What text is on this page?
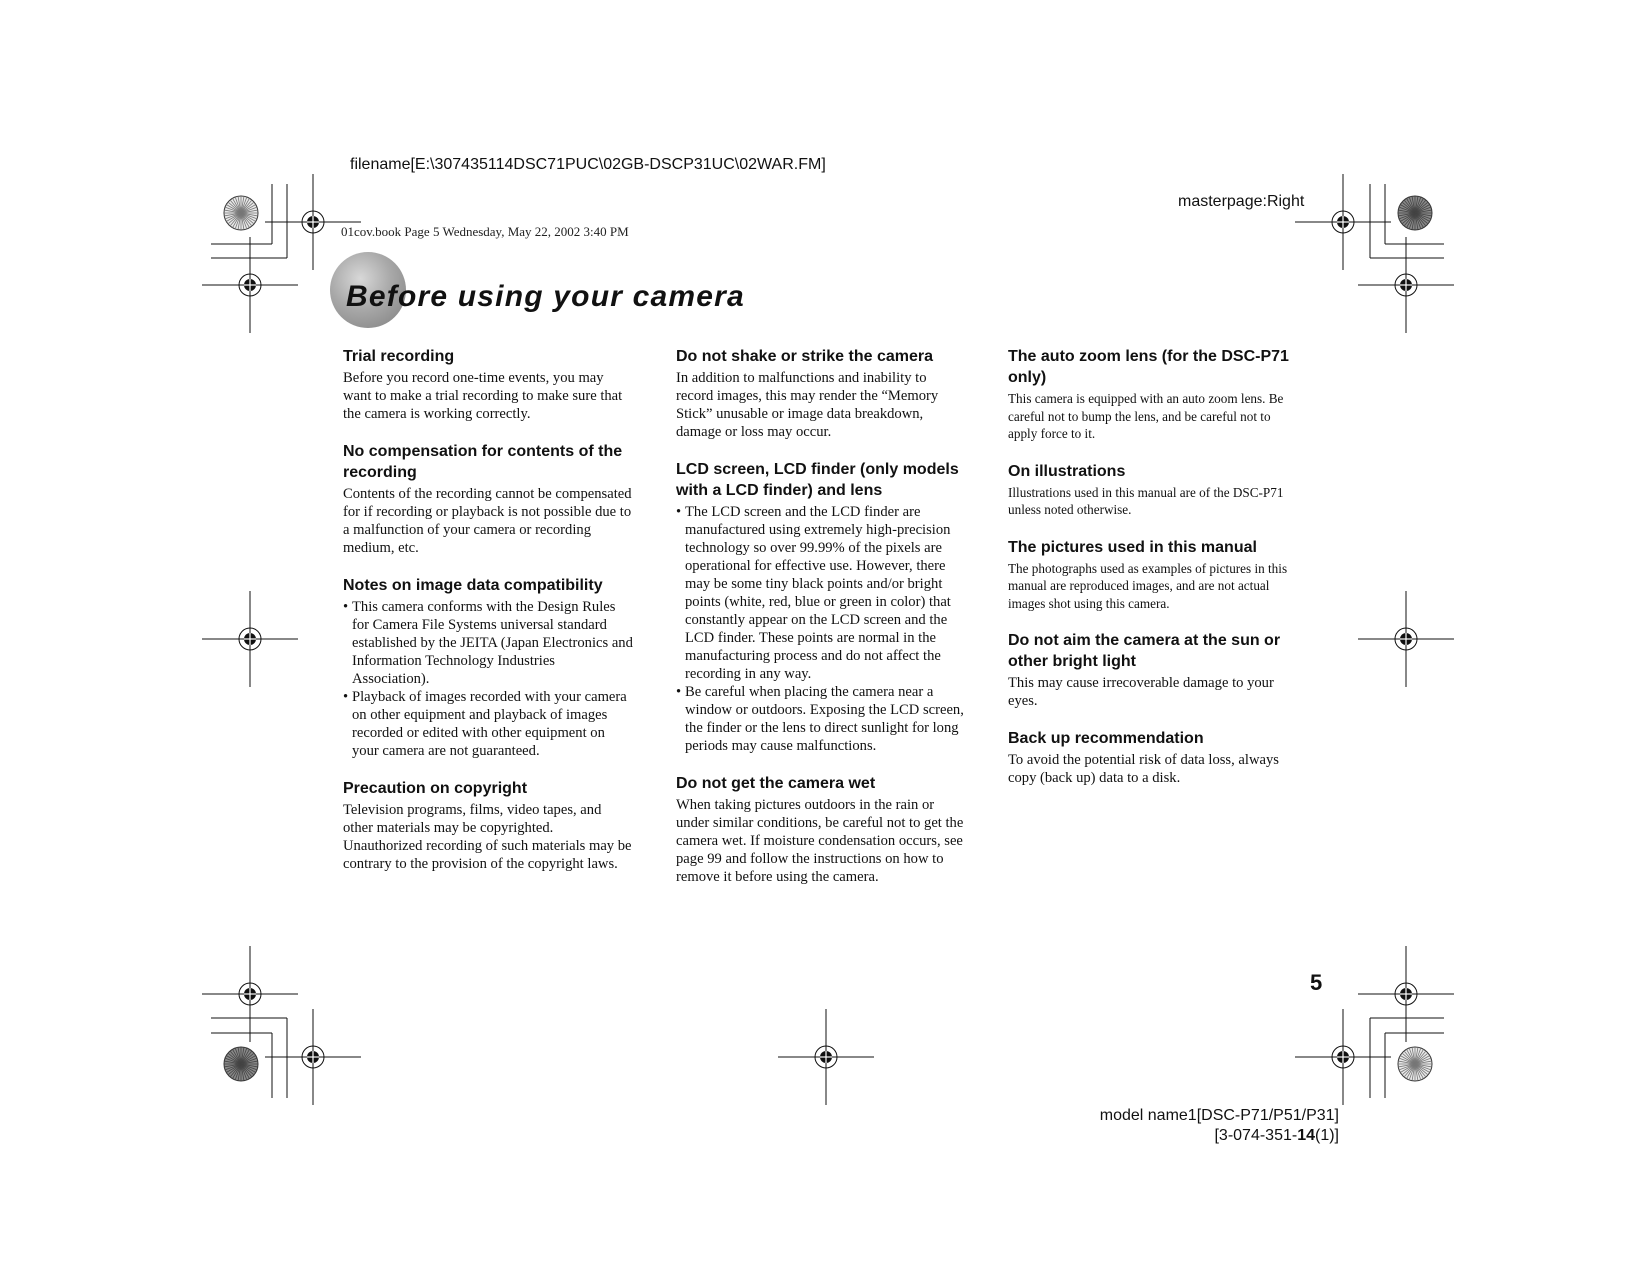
filename[E:\307435114DSC71PUC\02GB-DSCP31UC\02WAR.FM]
masterpage:Right
01cov.book Page 5 Wednesday, May 22, 2002 3:40 PM
Before using your camera
Trial recording

Before you record one-time events, you may want to make a trial recording to make sure that the camera is working correctly.

No compensation for contents of the recording

Contents of the recording cannot be compensated for if recording or playback is not possible due to a malfunction of your camera or recording medium, etc.

Notes on image data compatibility
• This camera conforms with the Design Rules for Camera File Systems universal standard established by the JEITA (Japan Electronics and Information Technology Industries Association).
• Playback of images recorded with your camera on other equipment and playback of images recorded or edited with other equipment on your camera are not guaranteed.
Precaution on copyright

Television programs, films, video tapes, and other materials may be copyrighted. Unauthorized recording of such materials may be contrary to the provision of the copyright laws.

Do not shake or strike the camera

In addition to malfunctions and inability to record images, this may render the “Memory Stick” unusable or image data breakdown, damage or loss may occur.

LCD screen, LCD finder (only models with a LCD finder) and lens
• The LCD screen and the LCD finder are manufactured using extremely high-precision technology so over 99.99% of the pixels are operational for effective use. However, there may be some tiny black points and/or bright points (white, red, blue or green in color) that constantly appear on the LCD screen and the LCD finder. These points are normal in the manufacturing process and do not affect the recording in any way.
• Be careful when placing the camera near a window or outdoors. Exposing the LCD screen, the finder or the lens to direct sunlight for long periods may cause malfunctions.
Do not get the camera wet

When taking pictures outdoors in the rain or under similar conditions, be careful not to get the camera wet. If moisture condensation occurs, see page 99 and follow the instructions on how to remove it before using the camera.

The auto zoom lens (for the DSC-P71 only)

This camera is equipped with an auto zoom lens. Be careful not to bump the lens, and be careful not to apply force to it.

On illustrations

Illustrations used in this manual are of the DSC-P71 unless noted otherwise.

The pictures used in this manual

The photographs used as examples of pictures in this manual are reproduced images, and are not actual images shot using this camera.

Do not aim the camera at the sun or other bright light

This may cause irrecoverable damage to your eyes.

Back up recommendation

To avoid the potential risk of data loss, always copy (back up) data to a disk.

5
model name1[DSC-P71/P51/P31]
[3-074-351-14(1)]
